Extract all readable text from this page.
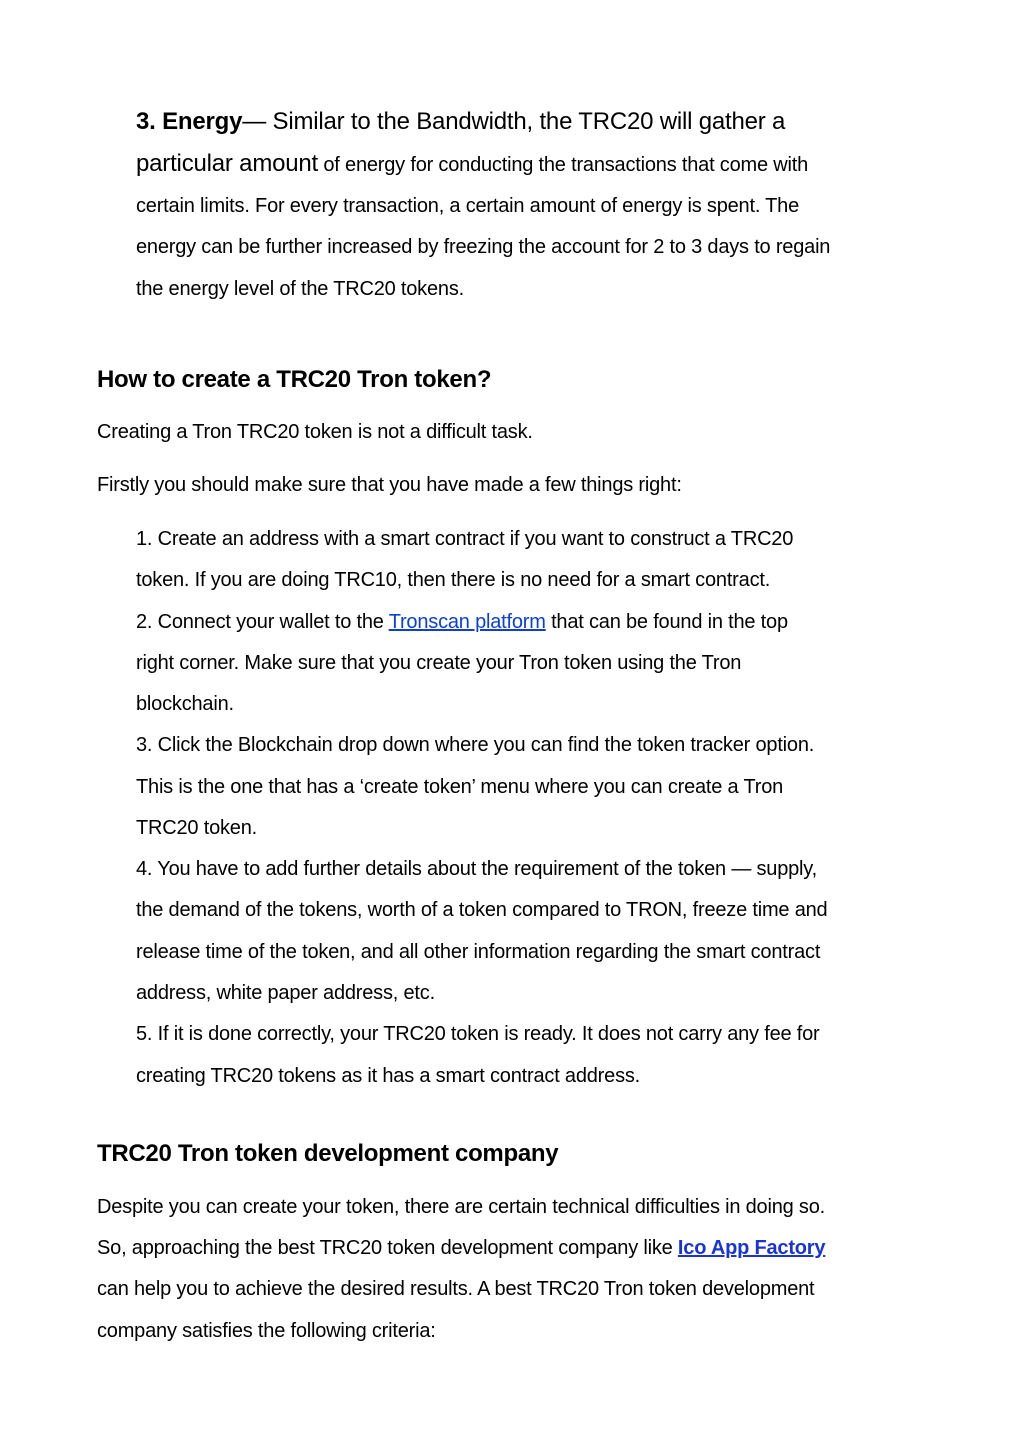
3. Energy— Similar to the Bandwidth, the TRC20 will gather a

particular amount of energy for conducting the transactions that come with

certain limits. For every transaction, a certain amount of energy is spent. The

energy can be further increased by freezing the account for 2 to 3 days to regain

the energy level of the TRC20 tokens.

How to create a TRC20 Tron token?

Creating a Tron TRC20 token is not a difficult task.

Firstly you should make sure that you have made a few things right:

1. Create an address with a smart contract if you want to construct a TRC20

token. If you are doing TRC10, then there is no need for a smart contract.

2. Connect your wallet to the Tronscan platform that can be found in the top

right corner. Make sure that you create your Tron token using the Tron

blockchain.

3. Click the Blockchain drop down where you can find the token tracker option.

This is the one that has a ‘create token’ menu where you can create a Tron

TRC20 token.

4. You have to add further details about the requirement of the token — supply,

the demand of the tokens, worth of a token compared to TRON, freeze time and

release time of the token, and all other information regarding the smart contract

address, white paper address, etc.

5. If it is done correctly, your TRC20 token is ready. It does not carry any fee for

creating TRC20 tokens as it has a smart contract address.

TRC20 Tron token development company

Despite you can create your token, there are certain technical difficulties in doing so.

So, approaching the best TRC20 token development company like Ico App Factory

can help you to achieve the desired results. A best TRC20 Tron token development

company satisfies the following criteria:
